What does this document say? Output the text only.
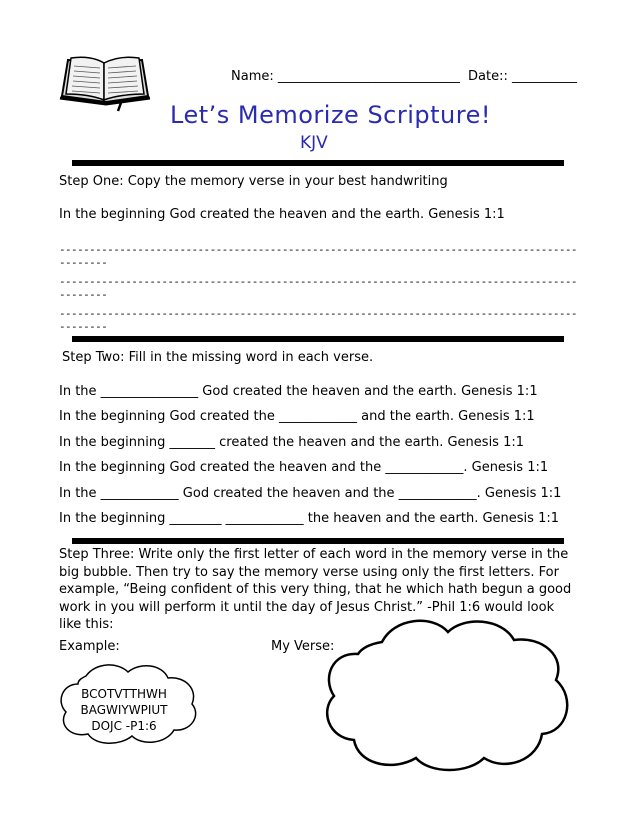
Name: ____________________________ Date:: __________
Let’s Memorize Scripture!
KJV
Step One: Copy the memory verse in your best handwriting
In the beginning God created the heaven and the earth. Genesis 1:1
----------------------------------------------------------------------------------------------
----------------------------------------------------------------------------------------------
----------------------------------------------------------------------------------------------
Step Two: Fill in the missing word in each verse.
In the _______________ God created the heaven and the earth. Genesis 1:1
In the beginning God created the ____________ and the earth. Genesis 1:1
In the beginning _______ created the heaven and the earth. Genesis 1:1
In the beginning God created the heaven and the ____________. Genesis 1:1
In the ____________ God created the heaven and the ____________. Genesis 1:1
In the beginning ________ ____________ the heaven and the earth. Genesis 1:1
Step Three: Write only the first letter of each word in the memory verse in the big bubble. Then try to say the memory verse using only the first letters. For example, “Being confident of this very thing, that he which hath begun a good work in you will perform it until the day of Jesus Christ.” -Phil 1:6 would look like this:
Example:	My Verse:
BCOTVTTHWH
BAGWIYWPIUT
DOJC -P1:6
